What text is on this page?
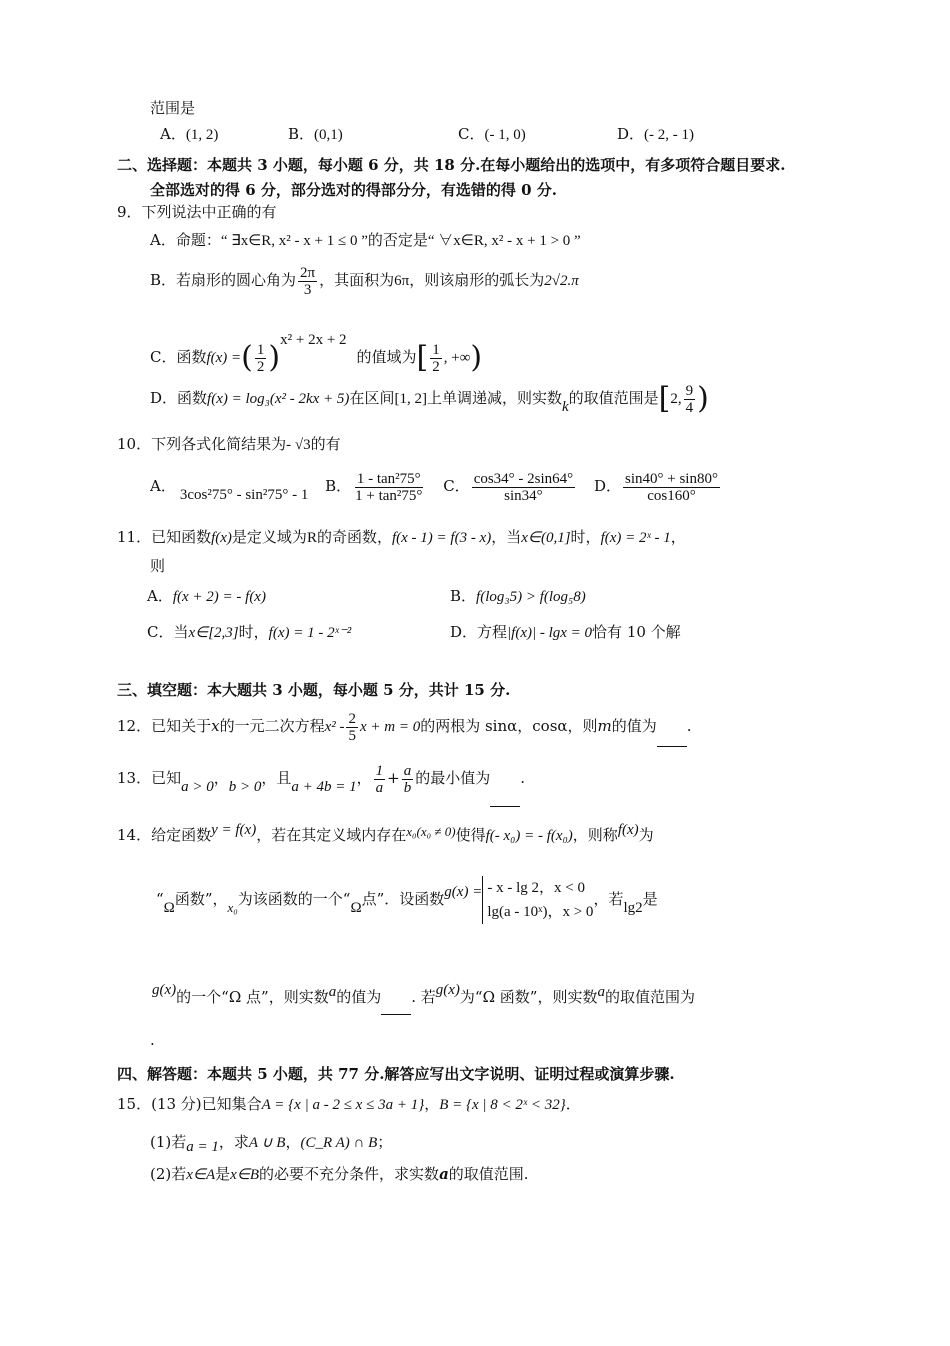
范围是
A．(1, 2)	B．(0,1)	C．(- 1, 0)	D．(- 2, - 1)
二、选择题：本题共 3 小题，每小题 6 分，共 18 分.在每小题给出的选项中，有多项符合题目要求.
全部选对的得 6 分，部分选对的得部分分，有选错的得 0 分.
9．下列说法中正确的有
A．命题：“ ∃x∈R, x² - x + 1 ≤ 0 ”的否定是“ ∀x∈R, x² - x + 1 > 0 ”
B．若扇形的圆心角为 $\frac{2\pi}{3}$ ，其面积为6π，则该扇形的弧长为2√2.π
C．函数f(x) =( $\frac{1}{2} )^{x^2 + 2x + 2}$的值域为[ $\frac{1}{2}$ , +∞)
D．函数f(x) = log₃(x² - 2kx + 5)在区间[1, 2]上单调递减，则实数k的取值范围是[2, $\frac{9}{4}$ )
10．下列各式化简结果为- √3的有
A． 3cos²75° - sin²75° - 1 B． $\frac{\text{1 - tan²75°}}{\text{1 + tan²75°}}$ C． $\frac{\cos 34^\circ - 2\sin 64^\circ}{\sin 34^\circ}$ D． $\frac{\sin 40^\circ + \sin 80^\circ}{\cos 160^\circ}$
11．已知函数f(x)是定义域为R的奇函数，f(x - 1) = f(3 - x)，当x∈(0,1]时，f(x) = 2ˣ - 1，
则
A．f(x + 2) = - f(x)	B．f(log₃5) > f(log₅8)
C．当x∈[2,3]时，f(x) = 1 - 2ˣ⁻²	D．方程|f(x)| - lgx = 0恰有 10 个解
三、填空题：本大题共 3 小题，每小题 5 分，共计 15 分.
12．已知关于x的一元二次方程$x^2 - \frac{2}{5}$ x + m = 0的两根为 sinα，cosα，则m的值为 .
13．已知a > 0，b > 0，且a + 4b = 1， $\frac{1}{a} + \frac{a}{b}$ 的最小值为 .
14．给定函数y = f(x)，若在其定义域内存在x₀(x₀ ≠ 0)使得f(- x₀) = - f(x₀)，则称f(x)为
“Ω函数”，x₀为该函数的一个“Ω点”．设函数g(x) = - x - lg 2，x < 0
lg(a - 10ˣ)，x > 0
，若lg2是
g(x)的一个“Ω 点”，则实数a的值为 . 若g(x)为“Ω 函数”，则实数a的取值范围为
.
四、解答题：本题共 5 小题，共 77 分.解答应写出文字说明、证明过程或演算步骤.
15．(13 分)已知集合A = {x | a - 2 ≤ x ≤ 3a + 1}，B = {x | 8 < 2ˣ < 32}．
(1)若a = 1，求A ∪ B，(C_R A) ∩ B；
(2)若x∈A是x∈B的必要不充分条件，求实数a的取值范围.
